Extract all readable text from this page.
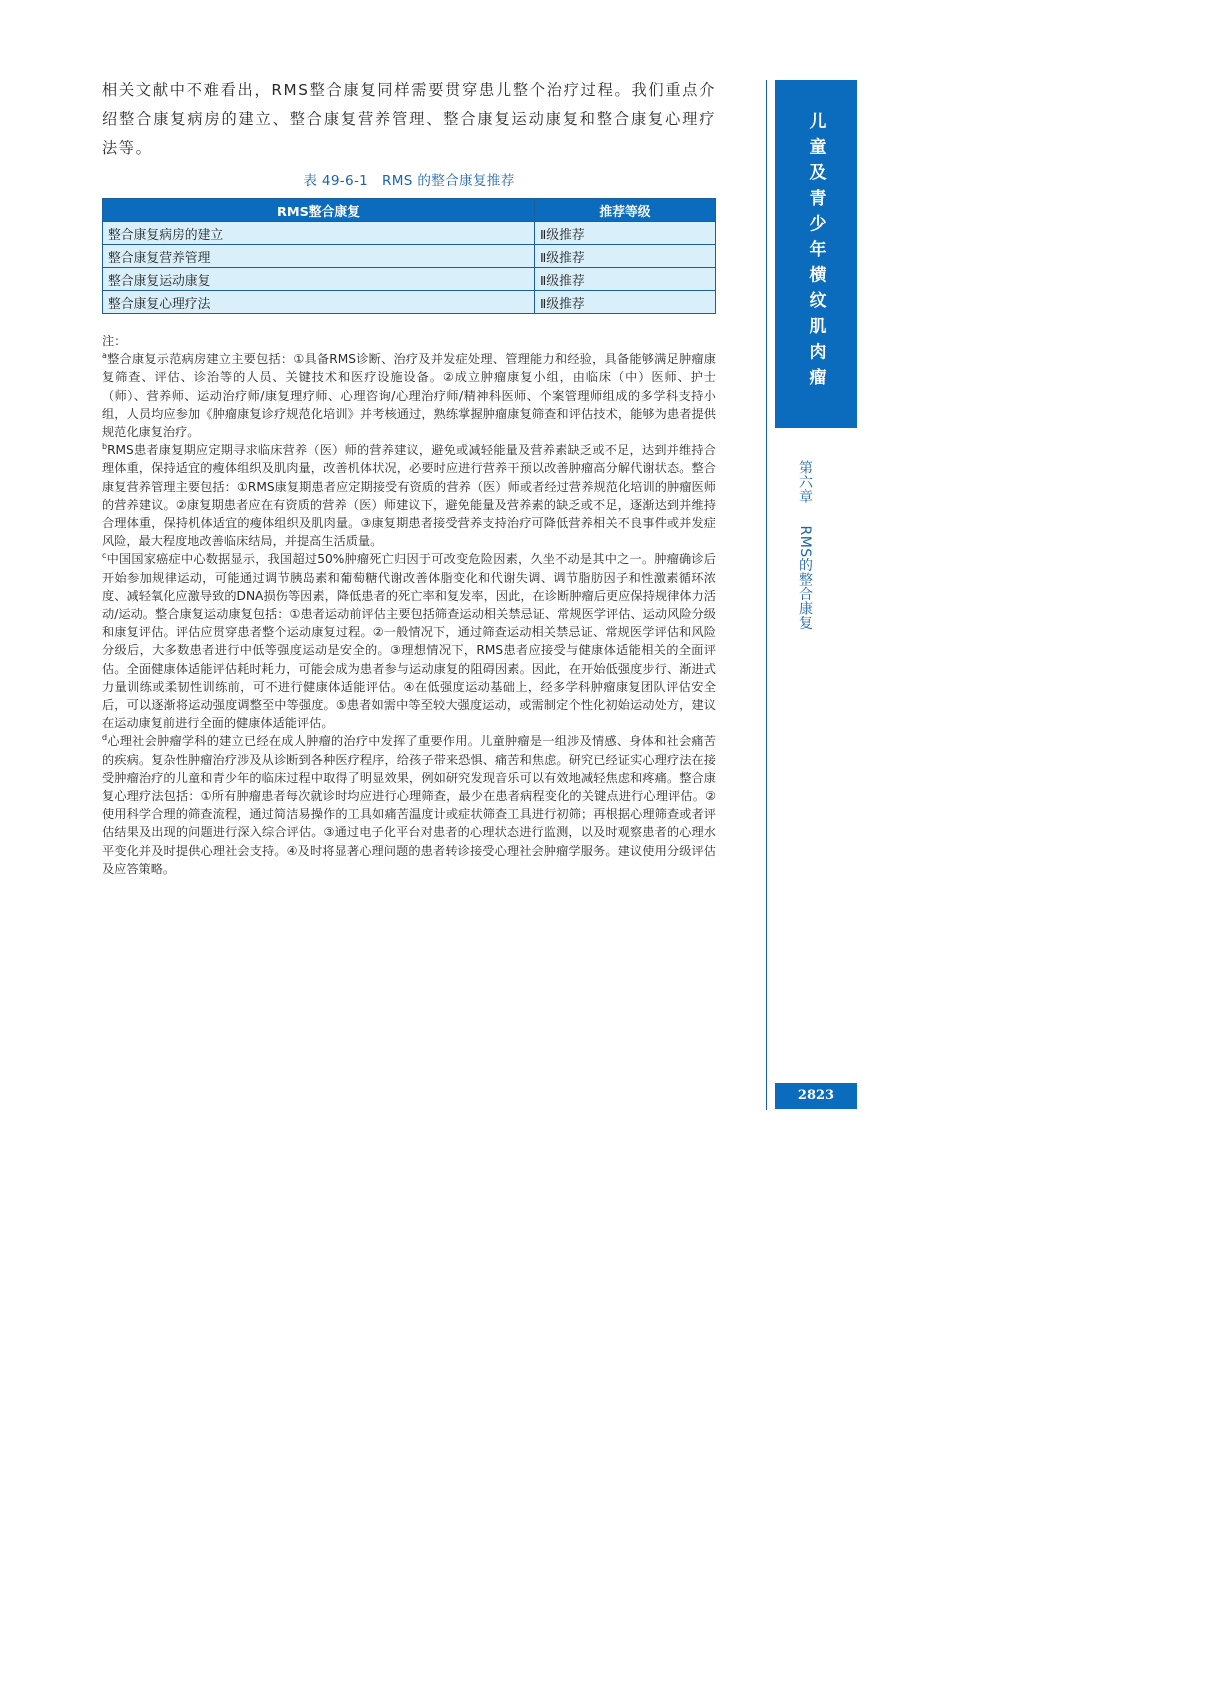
相关文献中不难看出，RMS整合康复同样需要贯穿患儿整个治疗过程。我们重点介绍整合康复病房的建立、整合康复营养管理、整合康复运动康复和整合康复心理疗法等。

表 49-6-1　RMS 的整合康复推荐
RMS整合康复	推荐等级
整合康复病房的建立	Ⅱ级推荐
整合康复营养管理	Ⅱ级推荐
整合康复运动康复	Ⅱ级推荐
整合康复心理疗法	Ⅱ级推荐

注：

$^a$整合康复示范病房建立主要包括：①具备RMS诊断、治疗及并发症处理、管理能力和经验，具备能够满足肿瘤康复筛查、评估、诊治等的人员、关键技术和医疗设施设备。②成立肿瘤康复小组，由临床（中）医师、护士（师）、营养师、运动治疗师/康复理疗师、心理咨询/心理治疗师/精神科医师、个案管理师组成的多学科支持小组，人员均应参加《肿瘤康复诊疗规范化培训》并考核通过，熟练掌握肿瘤康复筛查和评估技术，能够为患者提供规范化康复治疗。

$^b$RMS患者康复期应定期寻求临床营养（医）师的营养建议，避免或减轻能量及营养素缺乏或不足，达到并维持合理体重，保持适宜的瘦体组织及肌肉量，改善机体状况，必要时应进行营养干预以改善肿瘤高分解代谢状态。整合康复营养管理主要包括：①RMS康复期患者应定期接受有资质的营养（医）师或者经过营养规范化培训的肿瘤医师的营养建议。②康复期患者应在有资质的营养（医）师建议下，避免能量及营养素的缺乏或不足，逐渐达到并维持合理体重，保持机体适宜的瘦体组织及肌肉量。③康复期患者接受营养支持治疗可降低营养相关不良事件或并发症风险，最大程度地改善临床结局，并提高生活质量。

$^c$中国国家癌症中心数据显示，我国超过50%肿瘤死亡归因于可改变危险因素，久坐不动是其中之一。肿瘤确诊后开始参加规律运动，可能通过调节胰岛素和葡萄糖代谢改善体脂变化和代谢失调、调节脂肪因子和性激素循环浓度、减轻氧化应激导致的DNA损伤等因素，降低患者的死亡率和复发率，因此，在诊断肿瘤后更应保持规律体力活动/运动。整合康复运动康复包括：①患者运动前评估主要包括筛查运动相关禁忌证、常规医学评估、运动风险分级和康复评估。评估应贯穿患者整个运动康复过程。②一般情况下，通过筛查运动相关禁忌证、常规医学评估和风险分级后，大多数患者进行中低等强度运动是安全的。③理想情况下，RMS患者应接受与健康体适能相关的全面评估。全面健康体适能评估耗时耗力，可能会成为患者参与运动康复的阻碍因素。因此，在开始低强度步行、渐进式力量训练或柔韧性训练前，可不进行健康体适能评估。④在低强度运动基础上，经多学科肿瘤康复团队评估安全后，可以逐渐将运动强度调整至中等强度。⑤患者如需中等至较大强度运动，或需制定个性化初始运动处方，建议在运动康复前进行全面的健康体适能评估。

$^d$心理社会肿瘤学科的建立已经在成人肿瘤的治疗中发挥了重要作用。儿童肿瘤是一组涉及情感、身体和社会痛苦的疾病。复杂性肿瘤治疗涉及从诊断到各种医疗程序，给孩子带来恐惧、痛苦和焦虑。研究已经证实心理疗法在接受肿瘤治疗的儿童和青少年的临床过程中取得了明显效果，例如研究发现音乐可以有效地减轻焦虑和疼痛。整合康复心理疗法包括：①所有肿瘤患者每次就诊时均应进行心理筛查，最少在患者病程变化的关键点进行心理评估。②使用科学合理的筛查流程，通过简洁易操作的工具如痛苦温度计或症状筛查工具进行初筛；再根据心理筛查或者评估结果及出现的问题进行深入综合评估。③通过电子化平台对患者的心理状态进行监测，以及时观察患者的心理水平变化并及时提供心理社会支持。④及时将显著心理问题的患者转诊接受心理社会肿瘤学服务。建议使用分级评估及应答策略。

儿童及青少年横纹肌肉瘤
第六章RMS的整合康复
2823
